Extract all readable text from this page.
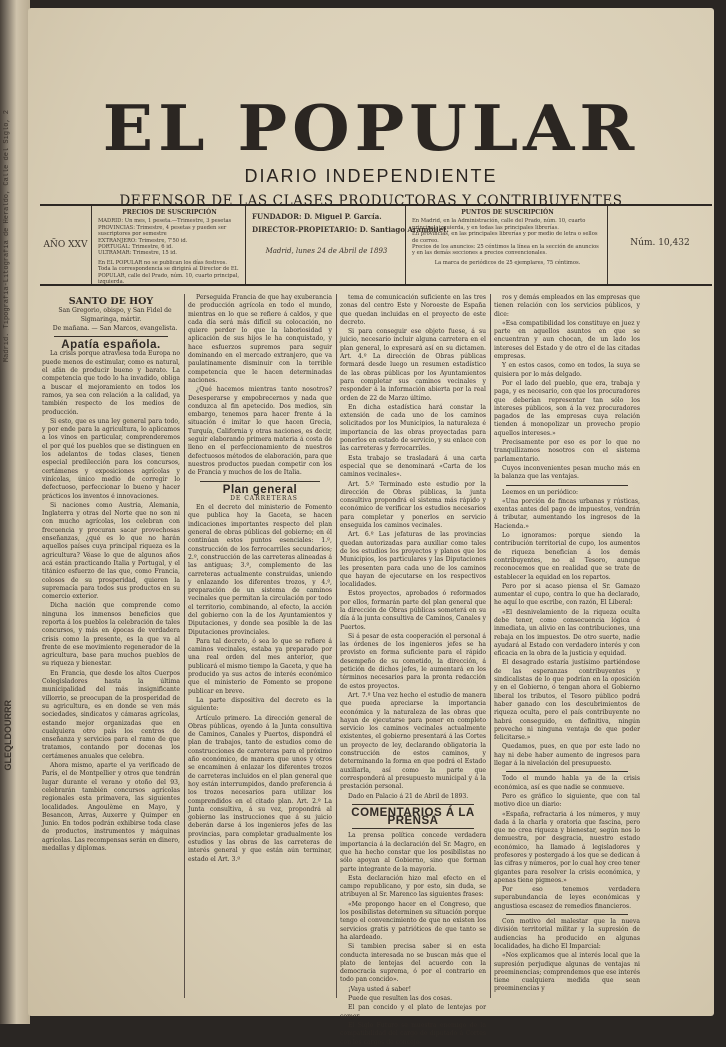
Madrid. Tipografía-Litografía de Heraldo, Calle del Siglo, 2
GLEQLDOURRR
EL POPULAR
DIARIO INDEPENDIENTE
DEFENSOR DE LAS CLASES PRODUCTORAS Y CONTRIBUYENTES
AÑO XXV
PRECIOS DE SUSCRIPCIÓN
MADRID: Un mes, 1 peseta.—Trimestre, 3 pesetas
PROVINCIAS: Trimestre, 4 pesetas y pueden ser suscriptores por semestre
EXTRANJERO: Trimestre, 7'50 id.
PORTUGAL: Trimestre, 6 id.
ULTRAMAR: Trimestre, 15 id.
En EL POPULAR no se publican los días festivos. Toda la correspondencia se dirigirá al Director de EL POPULAR, calle del Prado, núm. 10, cuarto principal, izquierda.
FUNDADOR: D. Miguel P. García.
DIRECTOR-PROPIETARIO: D. Santiago Arambilet.
Madrid, lunes 24 de Abril de 1893
PUNTOS DE SUSCRIPCIÓN
En Madrid, en la Administración, calle del Prado, núm. 10, cuarto principal, izquierda, y en todas las principales librerías.
En provincias, en las principales librerías y por medio de letra o sellos de correo.
Precios de los anuncios: 25 céntimos la línea en la sección de anuncios y en las demás secciones a precios convencionales.
La marca de periódicos de 25 ejemplares, 75 céntimos.
Núm. 10,432

SANTO DE HOY

San Gregorio, obispo, y San Fidel de Sigmaringa, mártir.

De mañana. — San Marcos, evangelista.

Apatía española.

La crisis porque atraviesa toda Europa no puede menos de estimular, como es natural, el afán de producir bueno y barato. La competencia que todo lo ha invadido, obliga a buscar el mejoramiento en todos los ramos, ya sea con relación a la calidad, ya también respecto de los medios de producción.

Si esto, que es una ley general para todo, y por ende para la agricultura, lo aplicamos a los vinos en particular, comprenderemos el por qué los pueblos que se distinguen en los adelantos de todas clases, tienen especial predilección para los concursos, certámenes y exposiciones agrícolas y vinícolas, único medio de corregir lo defectuoso, perfeccionar lo bueno y hacer prácticos los inventos é innovaciones.

Si naciones como Austria, Alemania, Inglaterra y otras del Norte que no son ni con mucho agrícolas, los celebran con frecuencia y procuran sacar provechosas enseñanzas, ¿qué es lo que no harán aquellos países cuya principal riqueza es la agricultura? Véase lo que de algunos años acá están practicando Italia y Portugal, y el titánico esfuerzo de las que, como Francia, colosos de su prosperidad, quieren la supremacía para todos sus productos en su comercio exterior.

Dicha nación que comprende como ninguna los inmensos beneficios que reporta á los pueblos la celebración de tales concursos, y más en épocas de verdadera crisis como la presente, es la que va al frente de ese movimiento regenerador de la agricultura, base para muchos pueblos de su riqueza y bienestar.

En Francia, que desde los altos Cuerpos Colegisladores hasta la última municipalidad del más insignificante villorrio, se preocupan de la prosperidad de su agricultura, es en donde se ven más sociedades, sindicatos y cámaras agrícolas, estando mejor organizadas que en cualquiera otro país los centros de enseñanza y servicios para el ramo de que tratamos, contando por docenas los certámenes anuales que celebra.

Ahora mismo, aparte el ya verificado de París, el de Montpellier y otros que tendrán lugar durante el verano y otoño del 93, celebrarán también concursos agrícolas regionales esta primavera, las siguientes localidades. Angoulème en Mayo, y Besancon, Arras, Auxerre y Quimper en Junio. En todos podrán exhibirse toda clase de productos, instrumentos y máquinas agrícolas. Las recompensas serán en dinero, medallas y diplomas.

Perseguida Francia de que hay exuberancia de producción agrícola en todo el mundo, mientras en lo que se refiere á caldos, y que cada día será más difícil su colocación, no quiere perder lo que la laboriosidad y aplicación de sus hijos le ha conquistado, y hace esfuerzos supremos para seguir dominando en el mercado extranjero, que va paulatinamente disminuir con la terrible competencia que le hacen determinadas naciones.

¿Qué hacemos mientras tanto nosotros? Desesperarse y empobrecernos y nada que conduzca al fin apetecido. Dos medios, sin embargo, tenemos para hacer frente á la situación é imitar lo que hacen Grecia, Turquía, California y otras naciones, es decir, seguir elaborando primera materia á costa de lleno en el perfeccionamiento de nuestros defectuosos métodos de elaboración, para que nuestros productos puedan competir con los de Francia y muchos de los de Italia.

Plan general

DE CARRETERAS

En el decreto del ministerio de Fomento que publica hoy la Gaceta, se hacen indicaciones importantes respecto del plan general de obras públicas del gobierno; en él continúan estos puntos esenciales: 1.º, construcción de los ferrocarriles secundarios; 2.º, construcción de las carreteras alineadas á las antiguas; 3.º, complemento de las carreteras actualmente construidas, uniendo y enlazando los diferentes trozos, y 4.º, preparación de un sistema de caminos vecinales que permitan la circulación por todo el territorio, combinando, al efecto, la acción del gobierno con la de los Ayuntamientos y Diputaciones, y donde sea posible la de las Diputaciones provinciales.

Para tal decreto, ó sea lo que se refiere á caminos vecinales, estaba ya preparado por una real orden del mes anterior, que publicará el mismo tiempo la Gaceta, y que ha producido ya sus actos de interés económico que el ministerio de Fomento se propone publicar en breve.

La parte dispositiva del decreto es la siguiente:

Artículo primero. La dirección general de Obras públicas, oyendo á la Junta consultiva de Caminos, Canales y Puertos, dispondrá el plan de trabajos, tanto de estudios como de construcciones de carreteras para el próximo año económico, de manera que unos y otros se encaminen á enlazar los diferentes trozos de carreteras incluidos en el plan general que hoy están interrumpidos, dando preferencia á los trozos necesarios para utilizar los comprendidos en el citado plan. Art. 2.º La Junta consultiva, á su vez, propondrá al gobierno las instrucciones que á su juicio deberán darse á los ingenieros jefes de las provincias, para completar gradualmente los estudios y las obras de las carreteras de interés general y que están aún terminar, estado el Art. 3.º

tema de comunicación suficiente en las tres zonas del centro Este y Noroeste de España que quedan incluidas en el proyecto de este decreto.

Si para conseguir ese objeto fuese, á su juicio, necesario incluir alguna carretera en el plan general, lo expresará así en su dictamen. Art. 4.º La dirección de Obras públicas formará desde luego un resumen estadístico de las obras públicas por los Ayuntamientos para completar sus caminos vecinales y responder á la información abierta por la real orden de 22 de Marzo último.

En dicha estadística hará constar la extensión de cada uno de los caminos solicitados por los Municipios, la naturaleza é importancia de las obras proyectadas para ponerlos en estado de servicio, y su enlace con las carreteras y ferrocarriles.

Esta trabajo se trasladará á una carta especial que se denominará «Carta de los caminos vecinales».

Art. 5.º Terminado este estudio por la dirección de Obras públicas, la junta consultiva propondrá el sistema más rápido y económico de verificar los estudios necesarios para completar y ponerlos en servicio enseguida los caminos vecinales.

Art. 6.º Las jefaturas de las provincias quedan autorizadas para auxiliar como tales de los estudios los proyectos y planos que los Municipios, los particulares y las Diputaciones les presenten para cada uno de los caminos que hayan de ejecutarse en los respectivos localidades.

Estos proyectos, aprobados ó reformados por ellos, formarán parte del plan general que la dirección de Obras públicas someterá en su día á la junta consultiva de Caminos, Canales y Puertos.

Si á pesar de esta cooperación el personal á las órdenes de los ingenieros jefes se ha provisto en forma suficiente para el rápido desempeño de su cometido, la dirección, á petición de dichos jefes, le aumentará en los términos necesarios para la pronta redacción de estos proyectos.

Art. 7.º Una vez hecho el estudio de manera que pueda apreciarse la importancia económica y la naturaleza de las obras que hayan de ejecutarse para poner en completo servicio los caminos vecinales actualmente existentes, el gobierno presentará á las Cortes un proyecto de ley, declarando obligatoria la construcción de estos caminos, y determinando la forma en que podrá el Estado auxiliarla, así como la parte que corresponderá al presupuesto municipal y á la prestación personal.

Dado en Palacio á 21 de Abril de 1893.

COMENTARIOS Á LA PRENSA

La prensa política concede verdadera importancia á la declaración del Sr. Magro, en que ha hecho constar que los posibilistas no sólo apoyan al Gobierno, sino que forman parte integrante de la mayoría.

Esta declaración hizo mal efecto en el campo republicano, y por esto, sin duda, se atribuyen al Sr. Marenco las siguientes frases:

«Me propongo hacer en el Congreso, que los posibilistas determinen su situación porque tengo el convencimiento de que no existen los servicios gratis y patrióticos de que tanto se ha alardeado.

Si tambien precisa saber si en esta conducta interesada no se buscan más que el plato de lentejas del acuerdo con la democracia suprema, ó por el contrario en todo pan concido».

¡Vaya usted á saber!

Puede que resulten las dos cosas.

El pan concido y el plato de lentejas por comer.

El Siglo Futuro se muestra enemigo de la compatibilidad del cargo de diputado á Cortes con los cargos de conceje-

ros y demás empleados en las empresas que tienen relación con los servicios públicos, y dice:

«Esa compatibilidad los constituye en juez y parte en aquellos asuntos en que se encuentran y aun chocan, de un lado los intereses del Estado y de otro el de las citadas empresas.

Y en estos casos, como en todos, la suya se quisiera por lo más delgado.

Por el lado del pueblo, que era, trabaja y paga, y es necesario, con que los procuradores que deberían representar tan sólo los intereses públicos, son á la vez procuradores pagados de las empresas cuya relación tienden á monopolizar un provecho propio aquellos intereses.»

Precisamente por eso es por lo que no tranquilizamos nosotros con el sistema parlamentario.

Cuyos inconvenientes pesan mucho más en la balanza que las ventajas.

Leemos en un periódico:

«Una porción de fincas urbanas y rústicas, exentas antes del pago de impuestos, vendrán á tributar, aumentando los ingresos de la Hacienda.»

Lo ignoramos: porque siendo la contribución territorial de cupo, los aumentos de riqueza benefician á los demás contribuyentes, no al Tesoro, aunque reconocemos que en realidad que se trate de establecer la equidad en los repartos.

Pero por si acaso piensa el Sr. Gamazo aumentar el cupo, contra lo que ha declarado, he aquí lo que escribe, con razón, El Liberal:

«El desnivelamiento de la riqueza oculta debe tener, como consecuencia lógica é inmediata, un alivio en las contribuciones, una rebaja en los impuestos. De otro suerte, nadie ayudará al Estado con verdadero interés y con eficacia en la obra de la justicia y equidad.

El desagrado estaría justísimo partiéndose de las esperanzas contribuyentes y sindicalistas de lo que podrían en la oposición y en el Gobierno, ó tengan ahora el Gobierno liberal los tributos, el Tesoro público podrá haber ganado con los descubrimientos de riqueza oculta, pero el país contribuyente no habrá conseguido, en definitiva, ningún provecho ni ninguna ventaja de que poder felicitarse.»

Quedamos, pues, en que por este lado no hay ni debe haber aumento de ingresos para llegar á la nivelación del presupuesto.

Todo el mundo habla ya de la crisis económica, así es que nadie se conmueve.

Pero es gráfico lo siguiente, que con tal motivo dice un diario:

«España, refractaria á los números, y muy dada á la charla y oratoria que fascina, pero que no crea riqueza y bienestar, según nos lo demuestra, por desgracia, nuestro estado económico, ha llamado á legisladores y profesores y postergado á los que se dedican á las cifras y números, por lo cual hoy creo tener gigantes para resolver la crisis económica, y apenas tiene pigmeos.»

Por eso tenemos verdadera superabundancia de leyes económicas y angustiosa escasez de remedios financieros.

Con motivo del malestar que la nueva división territorial militar y la supresión de audiencias ha producido en algunas localidades, ha dicho El Imparcial:

«Nos explicamos que al interés local que la supresión perjudique algunas de ventajas ni preeminencias; comprendemos que ese interés tiene cualquiera medida que sean preeminencias y
